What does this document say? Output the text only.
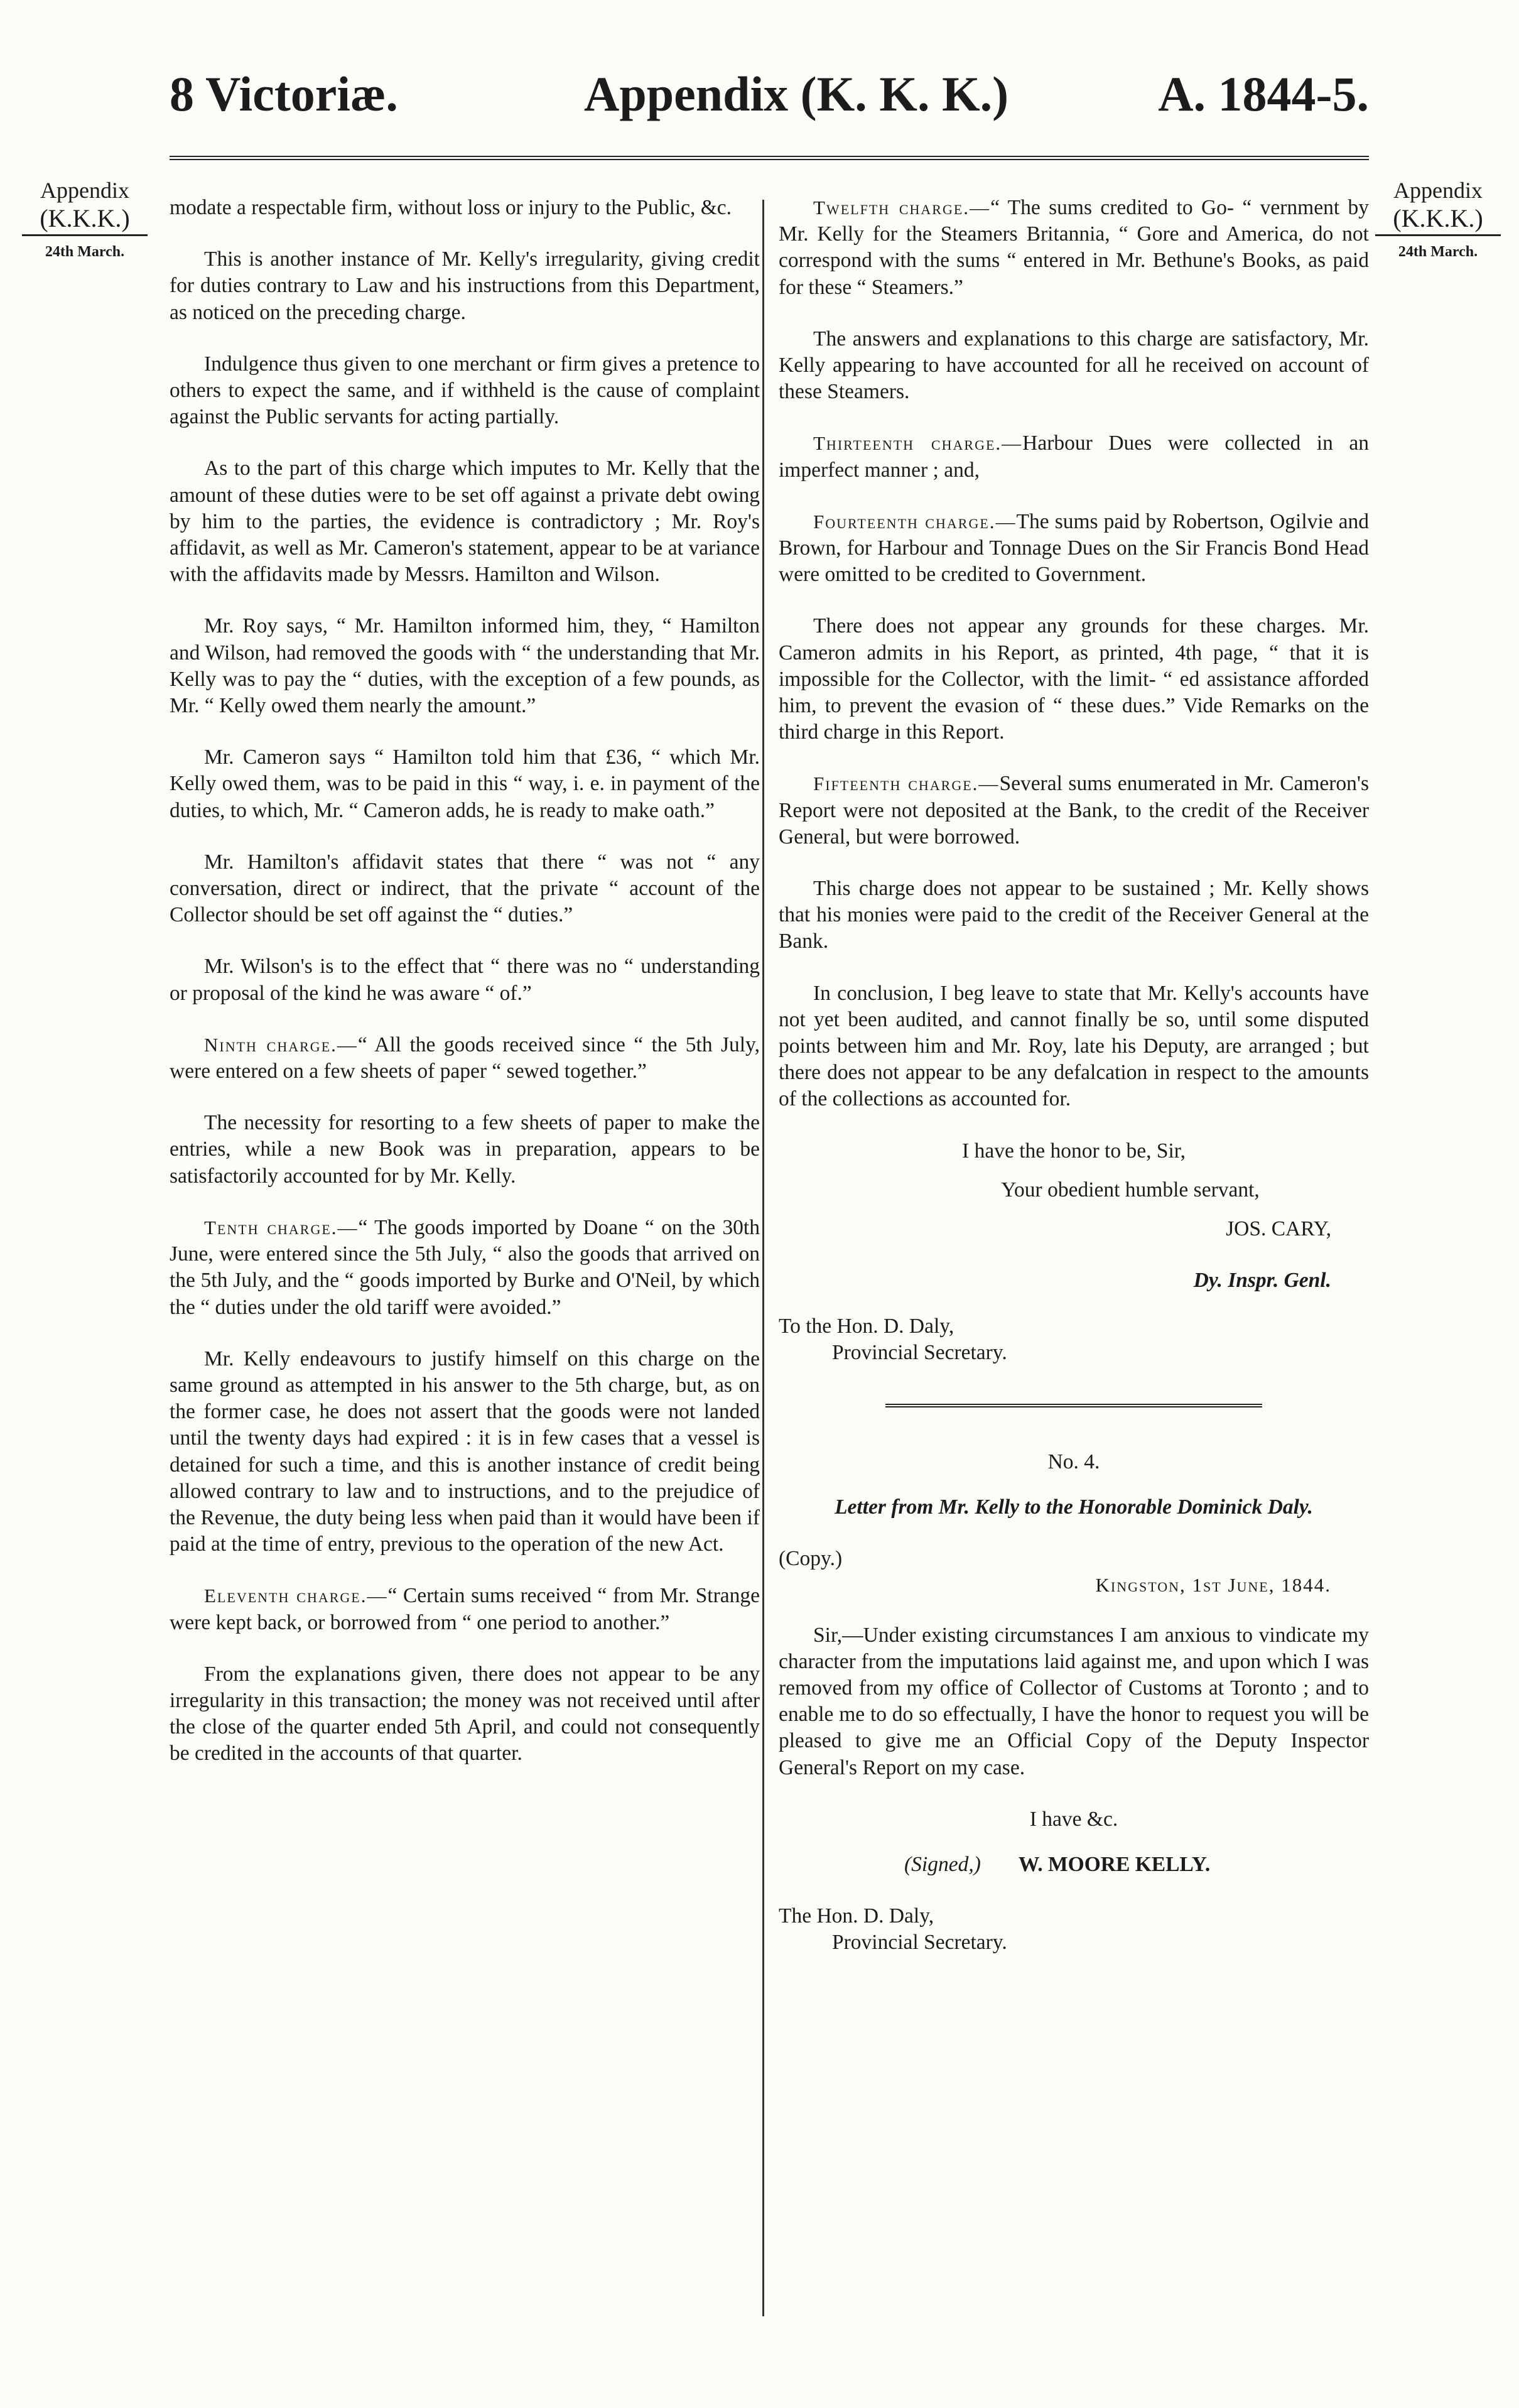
8 Victoriæ.	Appendix (K. K. K.)	A. 1844-5.
Appendix
(K.K.K.)
24th March.
Appendix
(K.K.K.)
24th March.

modate a respectable firm, without loss or injury to the Public, &c.

This is another instance of Mr. Kelly's irregularity, giving credit for duties contrary to Law and his instructions from this Department, as noticed on the preceding charge.

Indulgence thus given to one merchant or firm gives a pretence to others to expect the same, and if withheld is the cause of complaint against the Public servants for acting partially.

As to the part of this charge which imputes to Mr. Kelly that the amount of these duties were to be set off against a private debt owing by him to the parties, the evidence is contradictory ; Mr. Roy's affidavit, as well as Mr. Cameron's statement, appear to be at variance with the affidavits made by Messrs. Hamilton and Wilson.

Mr. Roy says, “ Mr. Hamilton informed him, they, “ Hamilton and Wilson, had removed the goods with “ the understanding that Mr. Kelly was to pay the “ duties, with the exception of a few pounds, as Mr. “ Kelly owed them nearly the amount.”

Mr. Cameron says “ Hamilton told him that £36, “ which Mr. Kelly owed them, was to be paid in this “ way, i. e. in payment of the duties, to which, Mr. “ Cameron adds, he is ready to make oath.”

Mr. Hamilton's affidavit states that there “ was not “ any conversation, direct or indirect, that the private “ account of the Collector should be set off against the “ duties.”

Mr. Wilson's is to the effect that “ there was no “ understanding or proposal of the kind he was aware “ of.”

Ninth charge.—“ All the goods received since “ the 5th July, were entered on a few sheets of paper “ sewed together.”

The necessity for resorting to a few sheets of paper to make the entries, while a new Book was in preparation, appears to be satisfactorily accounted for by Mr. Kelly.

Tenth charge.—“ The goods imported by Doane “ on the 30th June, were entered since the 5th July, “ also the goods that arrived on the 5th July, and the “ goods imported by Burke and O'Neil, by which the “ duties under the old tariff were avoided.”

Mr. Kelly endeavours to justify himself on this charge on the same ground as attempted in his answer to the 5th charge, but, as on the former case, he does not assert that the goods were not landed until the twenty days had expired : it is in few cases that a vessel is detained for such a time, and this is another instance of credit being allowed contrary to law and to instructions, and to the prejudice of the Revenue, the duty being less when paid than it would have been if paid at the time of entry, previous to the operation of the new Act.

Eleventh charge.—“ Certain sums received “ from Mr. Strange were kept back, or borrowed from “ one period to another.”

From the explanations given, there does not appear to be any irregularity in this transaction; the money was not received until after the close of the quarter ended 5th April, and could not consequently be credited in the accounts of that quarter.

Twelfth charge.—“ The sums credited to Go- “ vernment by Mr. Kelly for the Steamers Britannia, “ Gore and America, do not correspond with the sums “ entered in Mr. Bethune's Books, as paid for these “ Steamers.”

The answers and explanations to this charge are satisfactory, Mr. Kelly appearing to have accounted for all he received on account of these Steamers.

Thirteenth charge.—Harbour Dues were collected in an imperfect manner ; and,

Fourteenth charge.—The sums paid by Robertson, Ogilvie and Brown, for Harbour and Tonnage Dues on the Sir Francis Bond Head were omitted to be credited to Government.

There does not appear any grounds for these charges. Mr. Cameron admits in his Report, as printed, 4th page, “ that it is impossible for the Collector, with the limit- “ ed assistance afforded him, to prevent the evasion of “ these dues.” Vide Remarks on the third charge in this Report.

Fifteenth charge.—Several sums enumerated in Mr. Cameron's Report were not deposited at the Bank, to the credit of the Receiver General, but were borrowed.

This charge does not appear to be sustained ; Mr. Kelly shows that his monies were paid to the credit of the Receiver General at the Bank.

In conclusion, I beg leave to state that Mr. Kelly's accounts have not yet been audited, and cannot finally be so, until some disputed points between him and Mr. Roy, late his Deputy, are arranged ; but there does not appear to be any defalcation in respect to the amounts of the collections as accounted for.

I have the honor to be, Sir,

Your obedient humble servant,

JOS. CARY,

Dy. Inspr. Genl.

To the Hon. D. Daly,

Provincial Secretary.

No. 4.

Letter from Mr. Kelly to the Honorable Dominick Daly.

(Copy.)

Kingston, 1st June, 1844.

Sir,—Under existing circumstances I am anxious to vindicate my character from the imputations laid against me, and upon which I was removed from my office of Collector of Customs at Toronto ; and to enable me to do so effectually, I have the honor to request you will be pleased to give me an Official Copy of the Deputy Inspector General's Report on my case.

I have &c.

(Signed,) W. MOORE KELLY.

The Hon. D. Daly,

Provincial Secretary.
